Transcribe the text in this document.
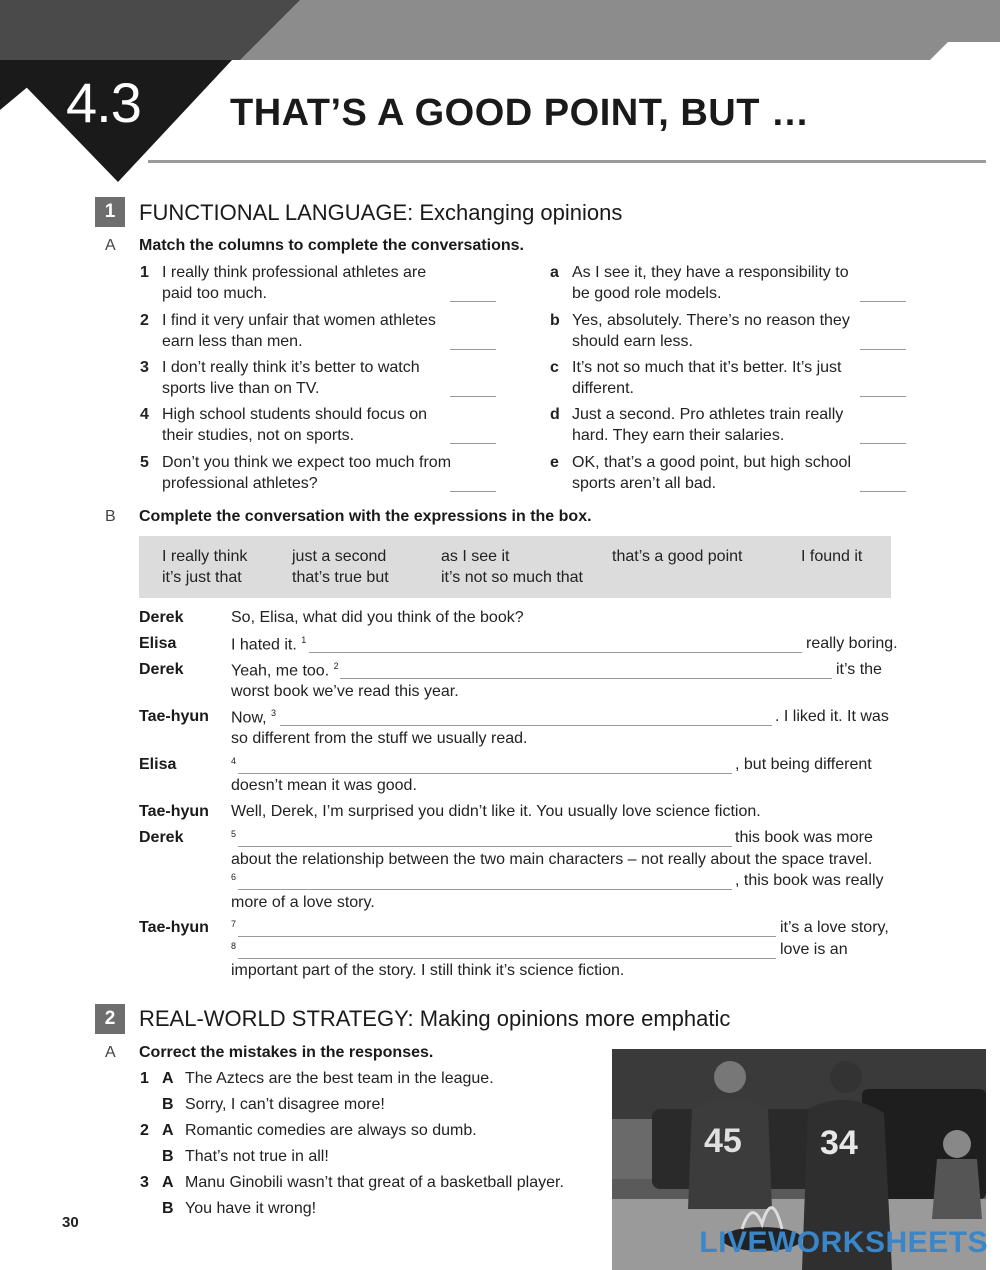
4.3 THAT’S A GOOD POINT, BUT …
1	FUNCTIONAL LANGUAGE: Exchanging opinions
A Match the columns to complete the conversations.
1 I really think professional athletes are paid too much.
2 I find it very unfair that women athletes earn less than men.
3 I don’t really think it’s better to watch sports live than on TV.
4 High school students should focus on their studies, not on sports.
5 Don’t you think we expect too much from professional athletes?
a As I see it, they have a responsibility to be good role models.
b Yes, absolutely. There’s no reason they should earn less.
c It’s not so much that it’s better. It’s just different.
d Just a second. Pro athletes train really hard. They earn their salaries.
e OK, that’s a good point, but high school sports aren’t all bad.
B Complete the conversation with the expressions in the box.
I really think	just a second	as I see it	that’s a good point	I found it
it’s just that	that’s true but	it’s not so much that
Derek	So, Elisa, what did you think of the book?
Elisa	I hated it. $^1$	really boring.
Derek	Yeah, me too. $^2$	it’s the
worst book we’ve read this year.
Tae-hyun Now, $^3$	. I liked it. It was
so different from the stuff we usually read.
Elisa	$^4$	, but being different
doesn’t mean it was good.
Tae-hyun Well, Derek, I’m surprised you didn’t like it. You usually love science fiction.
Derek	$^5$	this book was more
about the relationship between the two main characters – not really about the space travel.
$^6$	, this book was really
more of a love story.
Tae-hyun $^7$	it’s a love story,
$^8$	love is an
important part of the story. I still think it’s science fiction.
2	REAL-WORLD STRATEGY: Making opinions more emphatic
A Correct the mistakes in the responses.
1 A The Aztecs are the best team in the league.
B Sorry, I can’t disagree more!
2 A Romantic comedies are always so dumb.
B That’s not true in all!
3 A Manu Ginobili wasn’t that great of a basketball player.
B You have it wrong!
45 34
30
LIVEWORKSHEETS
